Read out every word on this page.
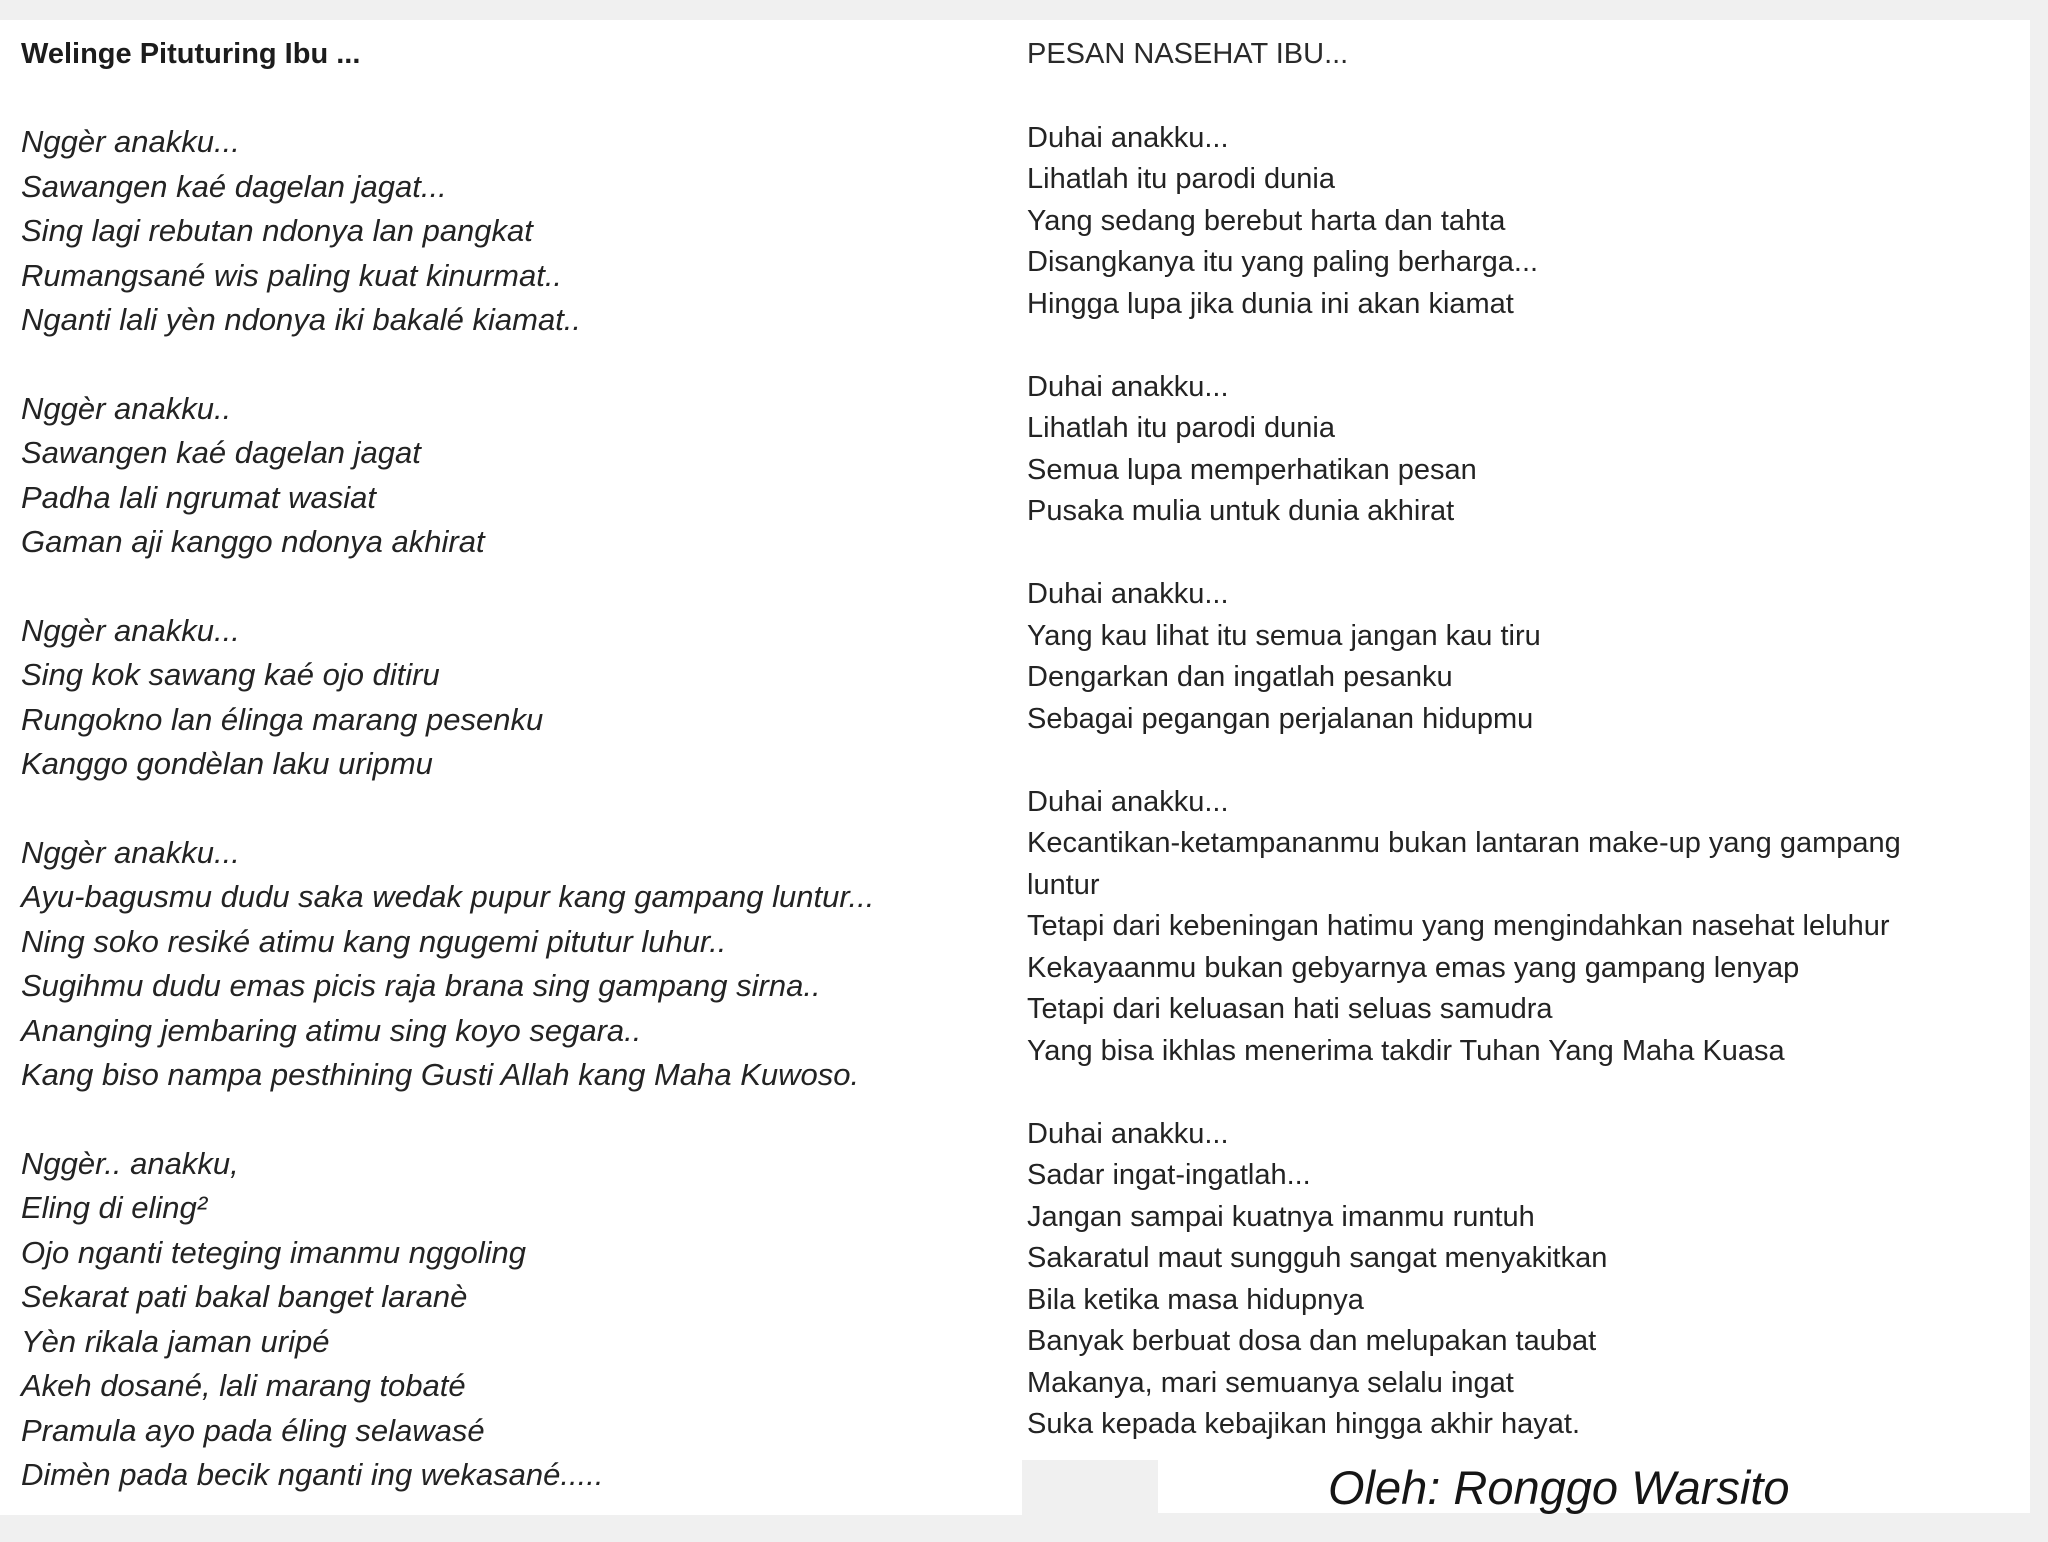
Welinge Pituturing Ibu ...
Nggèr anakku...
Sawangen kaé dagelan jagat...
Sing lagi rebutan ndonya lan pangkat
Rumangsané wis paling kuat kinurmat..
Nganti lali yèn ndonya iki bakalé kiamat..
Nggèr anakku..
Sawangen kaé dagelan jagat
Padha lali ngrumat wasiat
Gaman aji kanggo ndonya akhirat
Nggèr anakku...
Sing kok sawang kaé ojo ditiru
Rungokno lan élinga marang pesenku
Kanggo gondèlan laku uripmu
Nggèr anakku...
Ayu-bagusmu dudu saka wedak pupur kang gampang luntur...
Ning soko resiké atimu kang ngugemi pitutur luhur..
Sugihmu dudu emas picis raja brana sing gampang sirna..
Ananging jembaring atimu sing koyo segara..
Kang biso nampa pesthining Gusti Allah kang Maha Kuwoso.
Nggèr.. anakku,
Eling di eling²
Ojo nganti teteging imanmu nggoling
Sekarat pati bakal banget laranè
Yèn rikala jaman uripé
Akeh dosané, lali marang tobaté
Pramula ayo pada éling selawasé
Dimèn pada becik nganti ing wekasané.....
PESAN NASEHAT IBU...
Duhai anakku...
Lihatlah itu parodi dunia
Yang sedang berebut harta dan tahta
Disangkanya itu yang paling berharga...
Hingga lupa jika dunia ini akan kiamat
Duhai anakku...
Lihatlah itu parodi dunia
Semua lupa memperhatikan pesan
Pusaka mulia untuk dunia akhirat
Duhai anakku...
Yang kau lihat itu semua jangan kau tiru
Dengarkan dan ingatlah pesanku
Sebagai pegangan perjalanan hidupmu
Duhai anakku...
Kecantikan-ketampananmu bukan lantaran make-up yang gampang
luntur
Tetapi dari kebeningan hatimu yang mengindahkan nasehat leluhur
Kekayaanmu bukan gebyarnya emas yang gampang lenyap
Tetapi dari keluasan hati seluas samudra
Yang bisa ikhlas menerima takdir Tuhan Yang Maha Kuasa
Duhai anakku...
Sadar ingat-ingatlah...
Jangan sampai kuatnya imanmu runtuh
Sakaratul maut sungguh sangat menyakitkan
Bila ketika masa hidupnya
Banyak berbuat dosa dan melupakan taubat
Makanya, mari semuanya selalu ingat
Suka kepada kebajikan hingga akhir hayat.
Oleh: Ronggo Warsito
